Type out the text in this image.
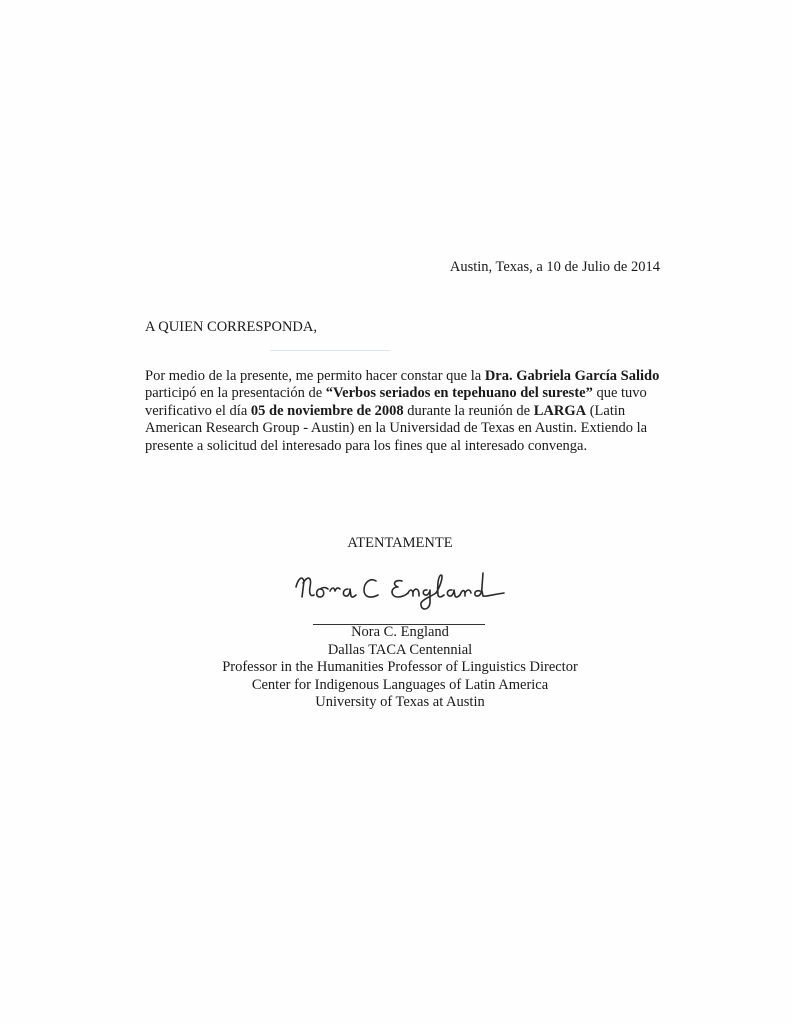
Austin, Texas, a 10 de Julio de 2014
A QUIEN CORRESPONDA,
Por medio de la presente, me permito hacer constar que la Dra. Gabriela García Salido
participó en la presentación de “Verbos seriados en tepehuano del sureste” que tuvo
verificativo el día 05 de noviembre de 2008 durante la reunión de LARGA (Latin
American Research Group - Austin) en la Universidad de Texas en Austin. Extiendo la
presente a solicitud del interesado para los fines que al interesado convenga.
ATENTAMENTE
Nora C. England
Dallas TACA Centennial
Professor in the Humanities Professor of Linguistics Director
Center for Indigenous Languages of Latin America
University of Texas at Austin
